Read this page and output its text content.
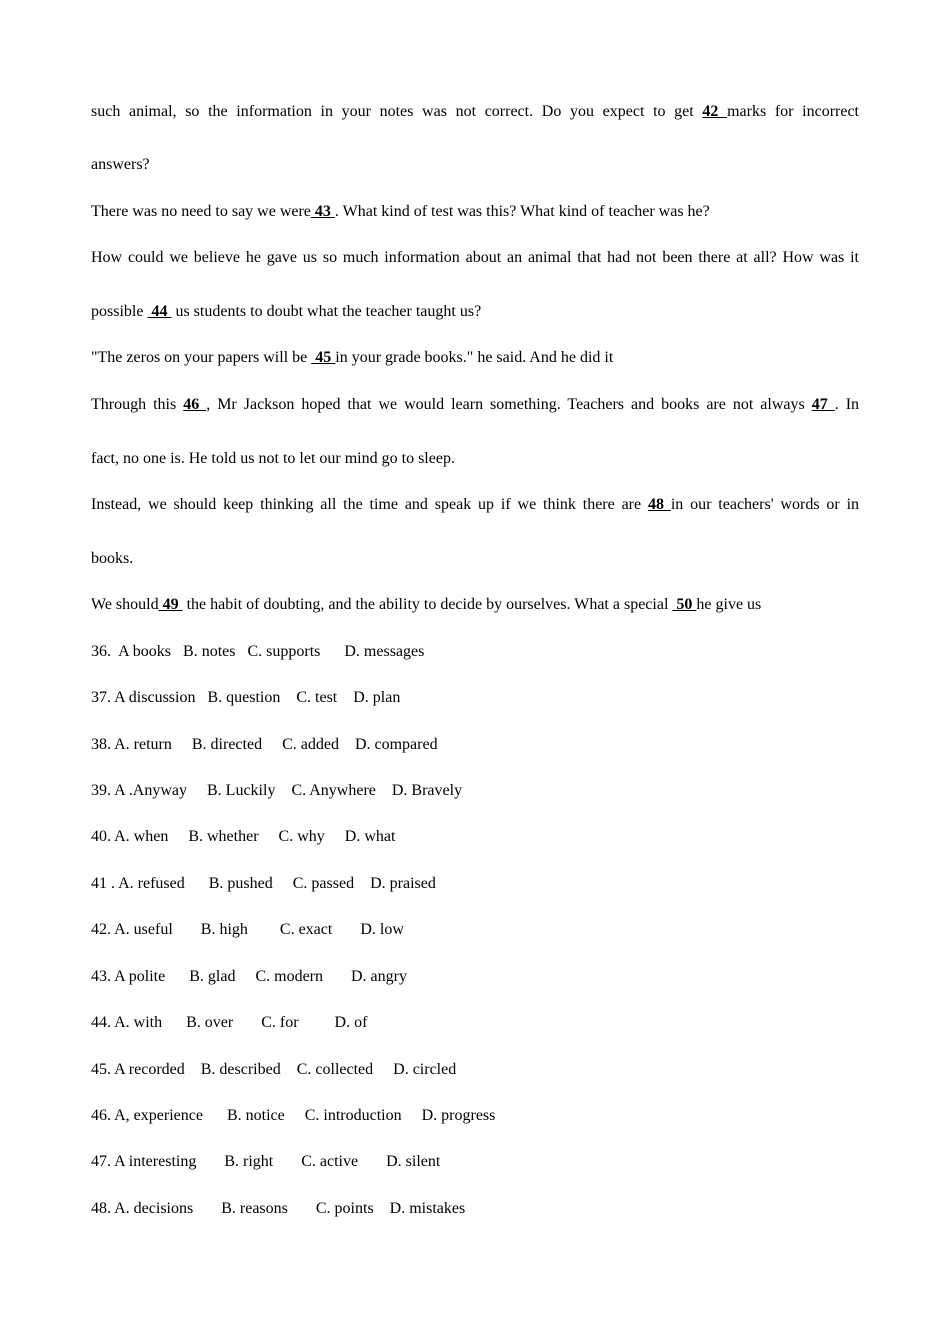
such animal, so the information in your notes was not correct. Do you expect to get 42 marks for incorrect
answers?
There was no need to say we were 43 . What kind of test was this? What kind of teacher was he?
How could we believe he gave us so much information about an animal that had not been there at all? How was it
possible  44  us students to doubt what the teacher taught us?
"The zeros on your papers will be  45 in your grade books." he said. And he did it
Through this 46 , Mr Jackson hoped that we would learn something. Teachers and books are not always 47 . In
fact, no one is. He told us not to let our mind go to sleep.
Instead, we should keep thinking all the time and speak up if we think there are 48 in our teachers' words or in
books.
We should 49  the habit of doubting, and the ability to decide by ourselves. What a special  50 he give us
36.  A books   B. notes   C. supports      D. messages
37. A discussion   B. question    C. test    D. plan
38. A. return     B. directed     C. added    D. compared
39. A .Anyway     B. Luckily    C. Anywhere    D. Bravely
40. A. when     B. whether     C. why     D. what
41 . A. refused      B. pushed     C. passed    D. praised
42. A. useful       B. high        C. exact       D. low
43. A polite      B. glad     C. modern       D. angry
44. A. with      B. over       C. for         D. of
45. A recorded    B. described    C. collected     D. circled
46. A, experience      B. notice     C. introduction     D. progress
47. A interesting       B. right       C. active       D. silent
48. A. decisions       B. reasons       C. points    D. mistakes
